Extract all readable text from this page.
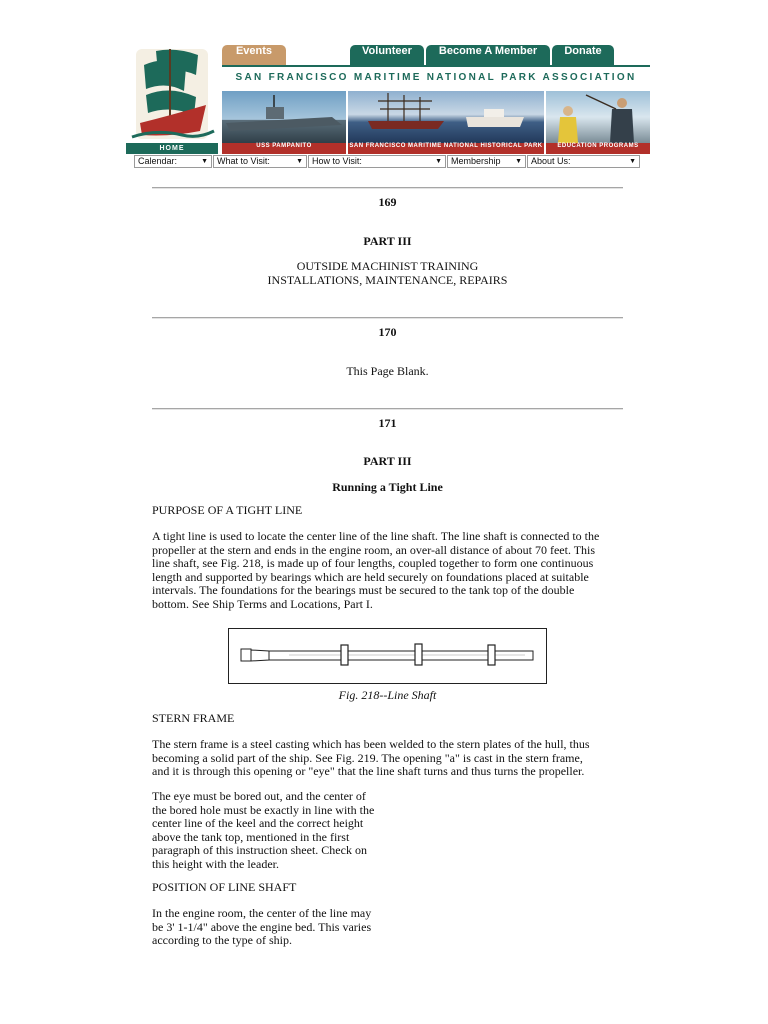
HOME
Events	Volunteer	Become A Member	Donate
SAN FRANCISCO MARITIME NATIONAL PARK ASSOCIATION
USS PAMPANITO	SAN FRANCISCO MARITIME NATIONAL HISTORICAL PARK	EDUCATION PROGRAMS
Calendar:	▼	What to Visit:	▼	How to Visit:	▼	Membership ▼	About Us:	▼
169
PART III
OUTSIDE MACHINIST TRAINING
INSTALLATIONS, MAINTENANCE, REPAIRS
170
This Page Blank.
171
PART III
Running a Tight Line
PURPOSE OF A TIGHT LINE
A tight line is used to locate the center line of the line shaft. The line shaft is connected to the
propeller at the stern and ends in the engine room, an over-all distance of about 70 feet. This
line shaft, see Fig. 218, is made up of four lengths, coupled together to form one continuous
length and supported by bearings which are held securely on foundations placed at suitable
intervals. The foundations for the bearings must be secured to the tank top of the double
bottom. See Ship Terms and Locations, Part I.
Fig. 218--Line Shaft
STERN FRAME
The stern frame is a steel casting which has been welded to the stern plates of the hull, thus
becoming a solid part of the ship. See Fig. 219. The opening "a" is cast in the stern frame,
and it is through this opening or "eye" that the line shaft turns and thus turns the propeller.
The eye must be bored out, and the center of
the bored hole must be exactly in line with the
center line of the keel and the correct height
above the tank top, mentioned in the first
paragraph of this instruction sheet. Check on
this height with the leader.
POSITION OF LINE SHAFT
In the engine room, the center of the line may
be 3' 1-1/4" above the engine bed. This varies
according to the type of ship.
